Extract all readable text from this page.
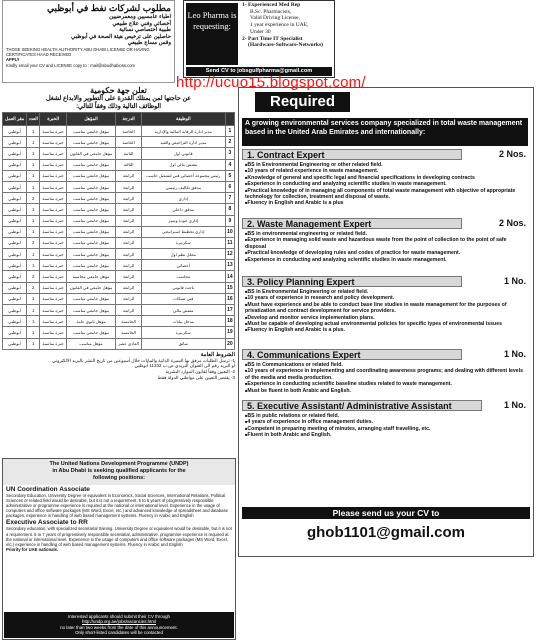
مطلوب لشركات نفط في أبوظبي
اطباء عامسيين ومعمرضيين
أخصائي وفني علاج طبيعي
طبيبة اختصاصي نسائية
حاصلين على ترخيص هيئة الصحة في أبوظبي
وقس مساج طبيعي
THOSE SEEKING HEALTH AUTHORITY ABU DHABI LICENSE OR HAVING CERTIFICATES HAAD RECEIVED
APPLY
Kindly email your CV and LICENSE copy to : mail@abudhabioss.com
Leo Pharma is requesting:
1- Experienced Med Rep
B.Sc. Pharmacists,
Valid Driving License,
1 year experience in UAE,
Under 30
2- Part Time IT Specialist
(Hardware-Software-Networks)
Send CV to jobsgulfpharma@gmail.com
تعلن جهة حكومية
عن حاجتها لمن يمتلك القدرة على التطوير والابداع لشغل
الوظائف التالية وذلك وفقاً للتالي:
	الوظيفة	الدرجة	المؤهل	الخبرة	العدد	مقر العمل
1	مدير ادارة الرقابة المالية والإدارية	الخاصة	مؤهل جامعي مناسب	خبرة مناسبة	1	أبوظبي
2	مدير ادارة التراخيص والقيد	الخاصة	مؤهل جامعي مناسب	خبرة مناسبة	1	أبوظبي
3	قانوني اول	الثانية	مؤهل جامعي في القانون	خبرة مناسبة	1	أبوظبي
4	مفتش مالي اول	الثالثة	مؤهل جامعي مناسب	خبرة مناسبة	1	أبوظبي
5	رئيس مجموعة أخصائي فني لتشغيل حاسب	الرابعة	مؤهل جامعي مناسب	خبرة مناسبة	1	أبوظبي
6	مدقق تكاليف رئيسي	الرابعة	مؤهل جامعي مناسب	خبرة مناسبة	1	أبوظبي
7	إداري	الرابعة	مؤهل جامعي مناسب	خبرة مناسبة	2	أبوظبي
8	مدقق داخلي	الرابعة	مؤهل جامعي مناسب	خبرة مناسبة	1	أبوظبي
9	إداري جودة وتميز	الرابعة	مؤهل جامعي مناسب	خبرة مناسبة	1	أبوظبي
10	إداري تخطيط استراتيجي	الرابعة	مؤهل جامعي مناسب	خبرة مناسبة	1	أبوظبي
11	سكرتيرة	الرابعة	مؤهل جامعي مناسب	خبرة مناسبة	2	أبوظبي
12	محلل نظم اول	الرابعة	مؤهل جامعي مناسب	خبرة مناسبة	1	أبوظبي
13	أخصائي	الرابعة	مؤهل جامعي مناسب	خبرة مناسبة	1	أبوظبي
14	محاسب	الرابعة	مؤهل جامعي محاسبة	خبرة مناسبة	2	أبوظبي
15	باحث قانوني	الرابعة	مؤهل جامعي في القانون	خبرة مناسبة	2	أبوظبي
16	فني شبكات	الرابعة	مؤهل جامعي مناسب	خبرة مناسبة	1	أبوظبي
17	مفتش مالي	الرابعة	مؤهل جامعي مناسب	خبرة مناسبة	1	أبوظبي
18	مدخل بيانات	الخامسة	مؤهل ثانوي عامة	خبرة مناسبة	1	أبوظبي
19	سكرتيرة	الخامسة	مؤهل جامعي مناسب	خبرة مناسبة	1	أبوظبي
20	سائق	العادي عشر	مؤهل مناسب	خبرة مناسبة	1	أبوظبي
الشروط العامة
1- ترسل الطلبات مرفق بها السيرة الذاتية والبيانات خلال أسبوعين من تاريخ النشر بالبريد الالكتروني
أو البريد رقم الى العنوان البريدي ص.ب 11332 أبوظبي
2- التعيين وفقاً لقانون الموارد البشرية
3- يقتصر التعيين على مواطني الدولة فقط
Required
A growing environmental services company specialized in total waste management based in the United Arab Emirates and internationally:
1. Contract Expert	2 Nos.
■ BS in Environmental Engineering or other related field.
■ 10 years of related experience in waste management.
■ Knowledge of general and specific legal and financial specifications in developing contracts
■ Experience in conducting and analyzing scientific studies in waste management.
■ Practical knowledge of in managing all components of total waste management with objective of appropriate technology for collection, treatment and disposal of waste.
■ Fluency in English and Arabic is a plus
2. Waste Management Expert	2 Nos.
■ BS in environmental engineering or related field.
■ Experience in managing solid waste and hazardous waste from the point of collection to the point of safe disposal
■ Practical knowledge of developing rules and codes of practice for waste management.
■ Experience in conducting and analyzing scientific studies in waste management.
3. Policy Planning Expert	1 No.
■ BS in Environmental Engineering or related field.
■ 10 years of experience in research and policy development.
■ Must have experience and be able to conduct base line studies in waste management for the purposes of privatization and contract development for service providers.
■ Develop and monitor service implementation plans.
■ Must be capable of developing actual environmental policies for specific types of environmental issues
■ Fluency in English and Arabic is a plus.
4. Communications Expert	1 No.
■ BS in Communications or related field.
■ 10 years of experience in implementing and coordinating awareness programs; and dealing with different levels of the media and media production.
■ Experience in conducting scientific baseline studies related to waste management.
■ Must be fluent in both Arabic and English.
5. Executive Assistant/ Administrative Assistant	1 No.
■ BS in public relations or related field.
■ 4 years of experience in office management duties.
■ Competent in preparing meeting of minutes, arranging staff travelling, etc.
■ Fluent in both Arabic and English.
Please send us your CV to
ghob1101@gmail.com
The United Nations Development Programme (UNDP)
in Abu Dhabi is seeking qualified applicants for the
following positions:
UN Coordination Associate
Secondary Education, University Degree or equivalent in Economics, Social Sciences, International Relations, Political Sciences or related field would be desirable, but it is not a requirement. 5 to 6 years of progressively responsible administrative or programme experience is required at the national or international level. Experience in the usage of computers and office software packages (MS Word, Excel, etc.) and advanced knowledge of spreadsheet and database packages, experience in handling of web based management systems. Fluency in Arabic and English
Executive Associate to RR
Secondary education, with specialized secretarial training. University Degree or equivalent would be desirable, but it is not a requirement. 5 to 7 years of progressively responsible secretarial, administrative, programme experience is required at the national or international level. Experience in the usage of computers and office software packages (MS Word, Excel, etc.) experience in handling of web based management systems. Fluency in Arabic and English
Priority for UAE nationals.
Interested applicants should submit their CV through
http://undp.org.ae/jobs/vacancies.html
no later than two weeks from the date of this announcement.
Only short-listed candidates will be contacted
http://ucuo15.blogspot.com/
